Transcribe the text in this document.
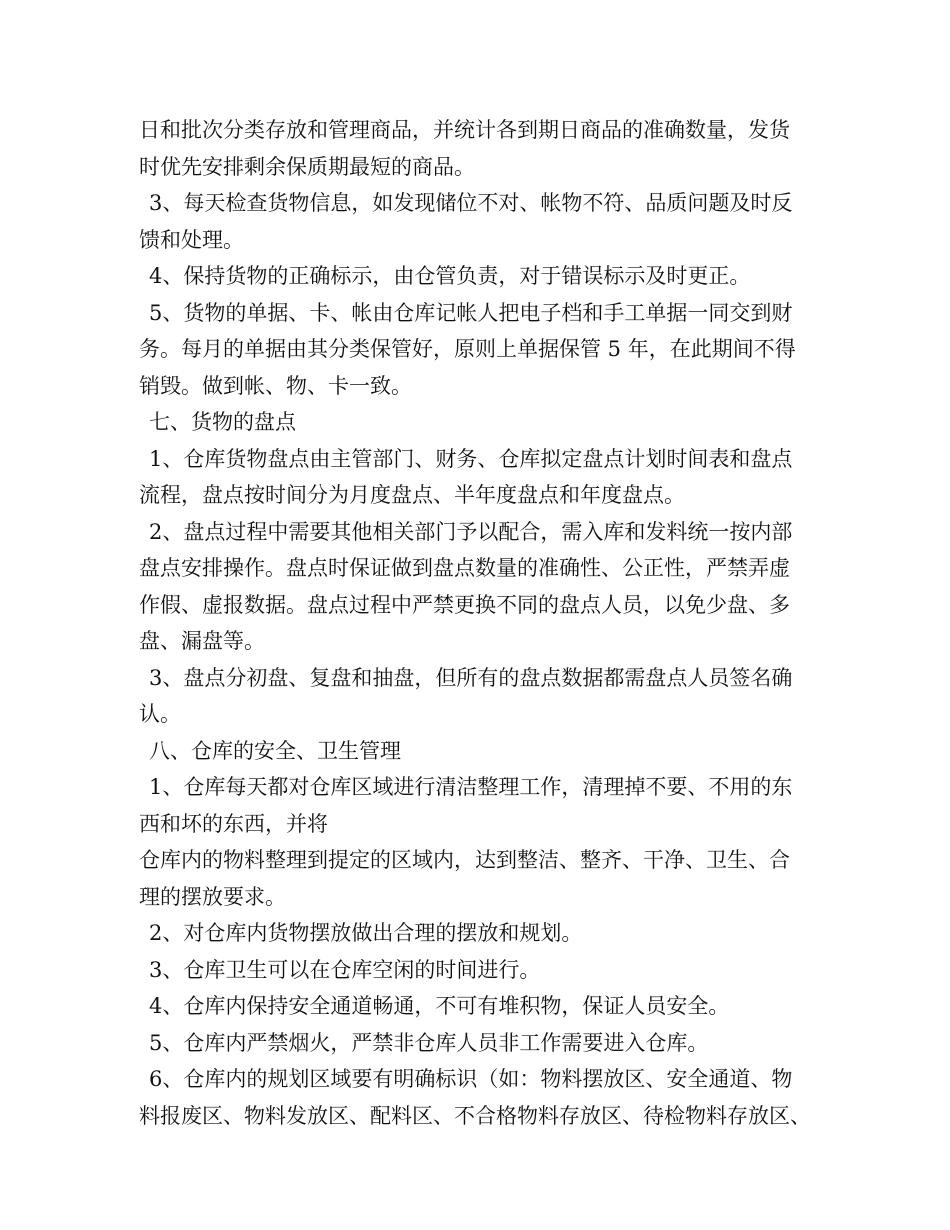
日和批次分类存放和管理商品，并统计各到期日商品的准确数量，发货
时优先安排剩余保质期最短的商品。
3、每天检查货物信息，如发现储位不对、帐物不符、品质问题及时反
馈和处理。
4、保持货物的正确标示，由仓管负责，对于错误标示及时更正。
5、货物的单据、卡、帐由仓库记帐人把电子档和手工单据一同交到财
务。每月的单据由其分类保管好，原则上单据保管 5 年，在此期间不得
销毁。做到帐、物、卡一致。
七、货物的盘点
1、仓库货物盘点由主管部门、财务、仓库拟定盘点计划时间表和盘点
流程，盘点按时间分为月度盘点、半年度盘点和年度盘点。
2、盘点过程中需要其他相关部门予以配合，需入库和发料统一按内部
盘点安排操作。盘点时保证做到盘点数量的准确性、公正性，严禁弄虚
作假、虚报数据。盘点过程中严禁更换不同的盘点人员，以免少盘、多
盘、漏盘等。
3、盘点分初盘、复盘和抽盘，但所有的盘点数据都需盘点人员签名确
认。
八、仓库的安全、卫生管理
1、仓库每天都对仓库区域进行清洁整理工作，清理掉不要、不用的东
西和坏的东西，并将
仓库内的物料整理到提定的区域内，达到整洁、整齐、干净、卫生、合
理的摆放要求。
2、对仓库内货物摆放做出合理的摆放和规划。
3、仓库卫生可以在仓库空闲的时间进行。
4、仓库内保持安全通道畅通，不可有堆积物，保证人员安全。
5、仓库内严禁烟火，严禁非仓库人员非工作需要进入仓库。
6、仓库内的规划区域要有明确标识（如：物料摆放区、安全通道、物
料报废区、物料发放区、配料区、不合格物料存放区、待检物料存放区、
